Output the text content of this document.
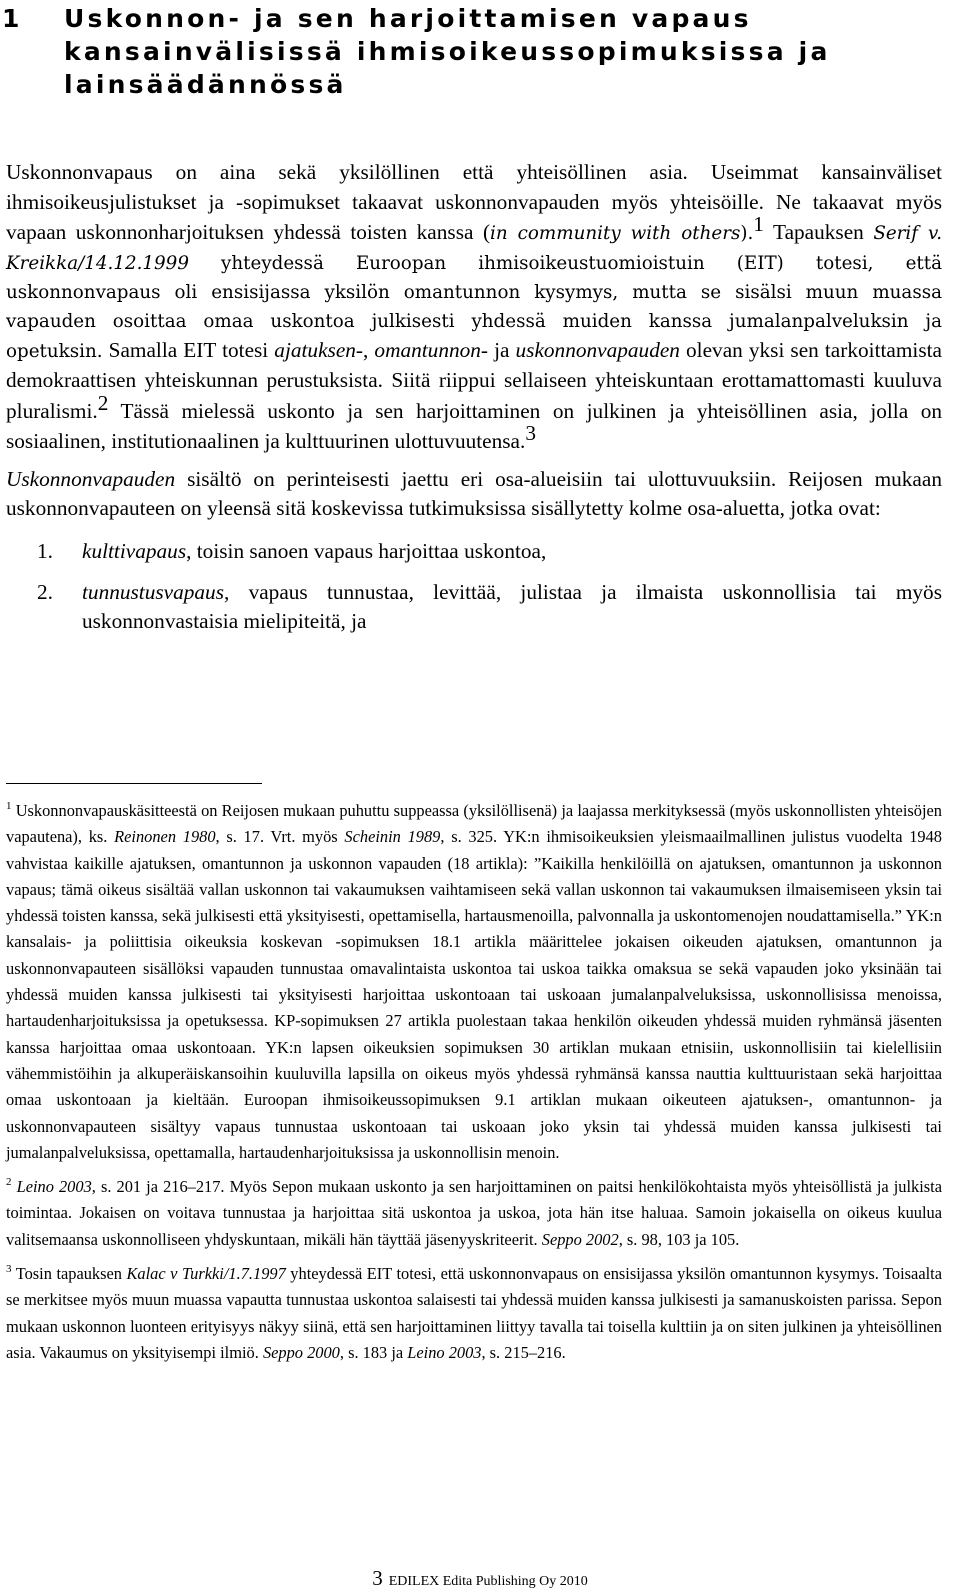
1 Uskonnon- ja sen harjoittamisen vapaus kansainvälisissä ihmisoikeussopimuksissa ja lainsäädännössä

Uskonnonvapaus on aina sekä yksilöllinen että yhteisöllinen asia. Useimmat kansainväliset ihmisoikeusjulistukset ja -sopimukset takaavat uskonnonvapauden myös yhteisöille. Ne takaavat myös vapaan uskonnonharjoituksen yhdessä toisten kanssa (in community with others).$^1$ Tapauksen Serif v. Kreikka/14.12.1999 yhteydessä Euroopan ihmisoikeustuomioistuin (EIT) totesi, että uskonnonvapaus oli ensisijassa yksilön omantunnon kysymys, mutta se sisälsi muun muassa vapauden osoittaa omaa uskontoa julkisesti yhdessä muiden kanssa jumalanpalveluksin ja opetuksin. Samalla EIT totesi ajatuksen-, omantunnon- ja uskonnonvapauden olevan yksi sen tarkoittamista demokraattisen yhteiskunnan perustuksista. Siitä riippui sellaiseen yhteiskuntaan erottamattomasti kuuluva pluralismi.$^2$ Tässä mielessä uskonto ja sen harjoittaminen on julkinen ja yhteisöllinen asia, jolla on sosiaalinen, institutionaalinen ja kulttuurinen ulottuvuutensa.$^3$

Uskonnonvapauden sisältö on perinteisesti jaettu eri osa-alueisiin tai ulottuvuuksiin. Reijosen mukaan uskonnonvapauteen on yleensä sitä koskevissa tutkimuksissa sisällytetty kolme osa-aluetta, jotka ovat:

1. kulttivapaus, toisin sanoen vapaus harjoittaa uskontoa,
2. tunnustusvapaus, vapaus tunnustaa, levittää, julistaa ja ilmaista uskonnollisia tai myös uskonnonvastaisia mielipiteitä, ja

$^1$ Uskonnonvapauskäsitteestä on Reijosen mukaan puhuttu suppeassa (yksilöllisenä) ja laajassa merkityksessä (myös uskonnollisten yhteisöjen vapautena), ks. Reinonen 1980, s. 17. Vrt. myös Scheinin 1989, s. 325. YK:n ihmisoikeuksien yleismaailmallinen julistus vuodelta 1948 vahvistaa kaikille ajatuksen, omantunnon ja uskonnon vapauden (18 artikla): ”Kaikilla henkilöillä on ajatuksen, omantunnon ja uskonnon vapaus; tämä oikeus sisältää vallan uskonnon tai vakaumuksen vaihtamiseen sekä vallan uskonnon tai vakaumuksen ilmaisemiseen yksin tai yhdessä toisten kanssa, sekä julkisesti että yksityisesti, opettamisella, hartausmenoilla, palvonnalla ja uskontomenojen noudattamisella.” YK:n kansalais- ja poliittisia oikeuksia koskevan -sopimuksen 18.1 artikla määrittelee jokaisen oikeuden ajatuksen, omantunnon ja uskonnonvapauteen sisällöksi vapauden tunnustaa omavalintaista uskontoa tai uskoa taikka omaksua se sekä vapauden joko yksinään tai yhdessä muiden kanssa julkisesti tai yksityisesti harjoittaa uskontoaan tai uskoaan jumalanpalveluksissa, uskonnollisissa menoissa, hartaudenharjoituksissa ja opetuksessa. KP-sopimuksen 27 artikla puolestaan takaa henkilön oikeuden yhdessä muiden ryhmänsä jäsenten kanssa harjoittaa omaa uskontoaan. YK:n lapsen oikeuksien sopimuksen 30 artiklan mukaan etnisiin, uskonnollisiin tai kielellisiin vähemmistöihin ja alkuperäiskansoihin kuuluvilla lapsilla on oikeus myös yhdessä ryhmänsä kanssa nauttia kulttuuristaan sekä harjoittaa omaa uskontoaan ja kieltään. Euroopan ihmisoikeussopimuksen 9.1 artiklan mukaan oikeuteen ajatuksen-, omantunnon- ja uskonnonvapauteen sisältyy vapaus tunnustaa uskontoaan tai uskoaan joko yksin tai yhdessä muiden kanssa julkisesti tai jumalanpalveluksissa, opettamalla, hartaudenharjoituksissa ja uskonnollisin menoin.

$^2$ Leino 2003, s. 201 ja 216–217. Myös Sepon mukaan uskonto ja sen harjoittaminen on paitsi henkilökohtaista myös yhteisöllistä ja julkista toimintaa. Jokaisen on voitava tunnustaa ja harjoittaa sitä uskontoa ja uskoa, jota hän itse haluaa. Samoin jokaisella on oikeus kuulua valitsemaansa uskonnolliseen yhdyskuntaan, mikäli hän täyttää jäsenyyskriteerit. Seppo 2002, s. 98, 103 ja 105.

$^3$ Tosin tapauksen Kalac v Turkki/1.7.1997 yhteydessä EIT totesi, että uskonnonvapaus on ensisijassa yksilön omantunnon kysymys. Toisaalta se merkitsee myös muun muassa vapautta tunnustaa uskontoa salaisesti tai yhdessä muiden kanssa julkisesti ja samanuskoisten parissa. Sepon mukaan uskonnon luonteen erityisyys näkyy siinä, että sen harjoittaminen liittyy tavalla tai toisella kulttiin ja on siten julkinen ja yhteisöllinen asia. Vakaumus on yksityisempi ilmiö. Seppo 2000, s. 183 ja Leino 2003, s. 215–216.

3 EDILEX Edita Publishing Oy 2010
